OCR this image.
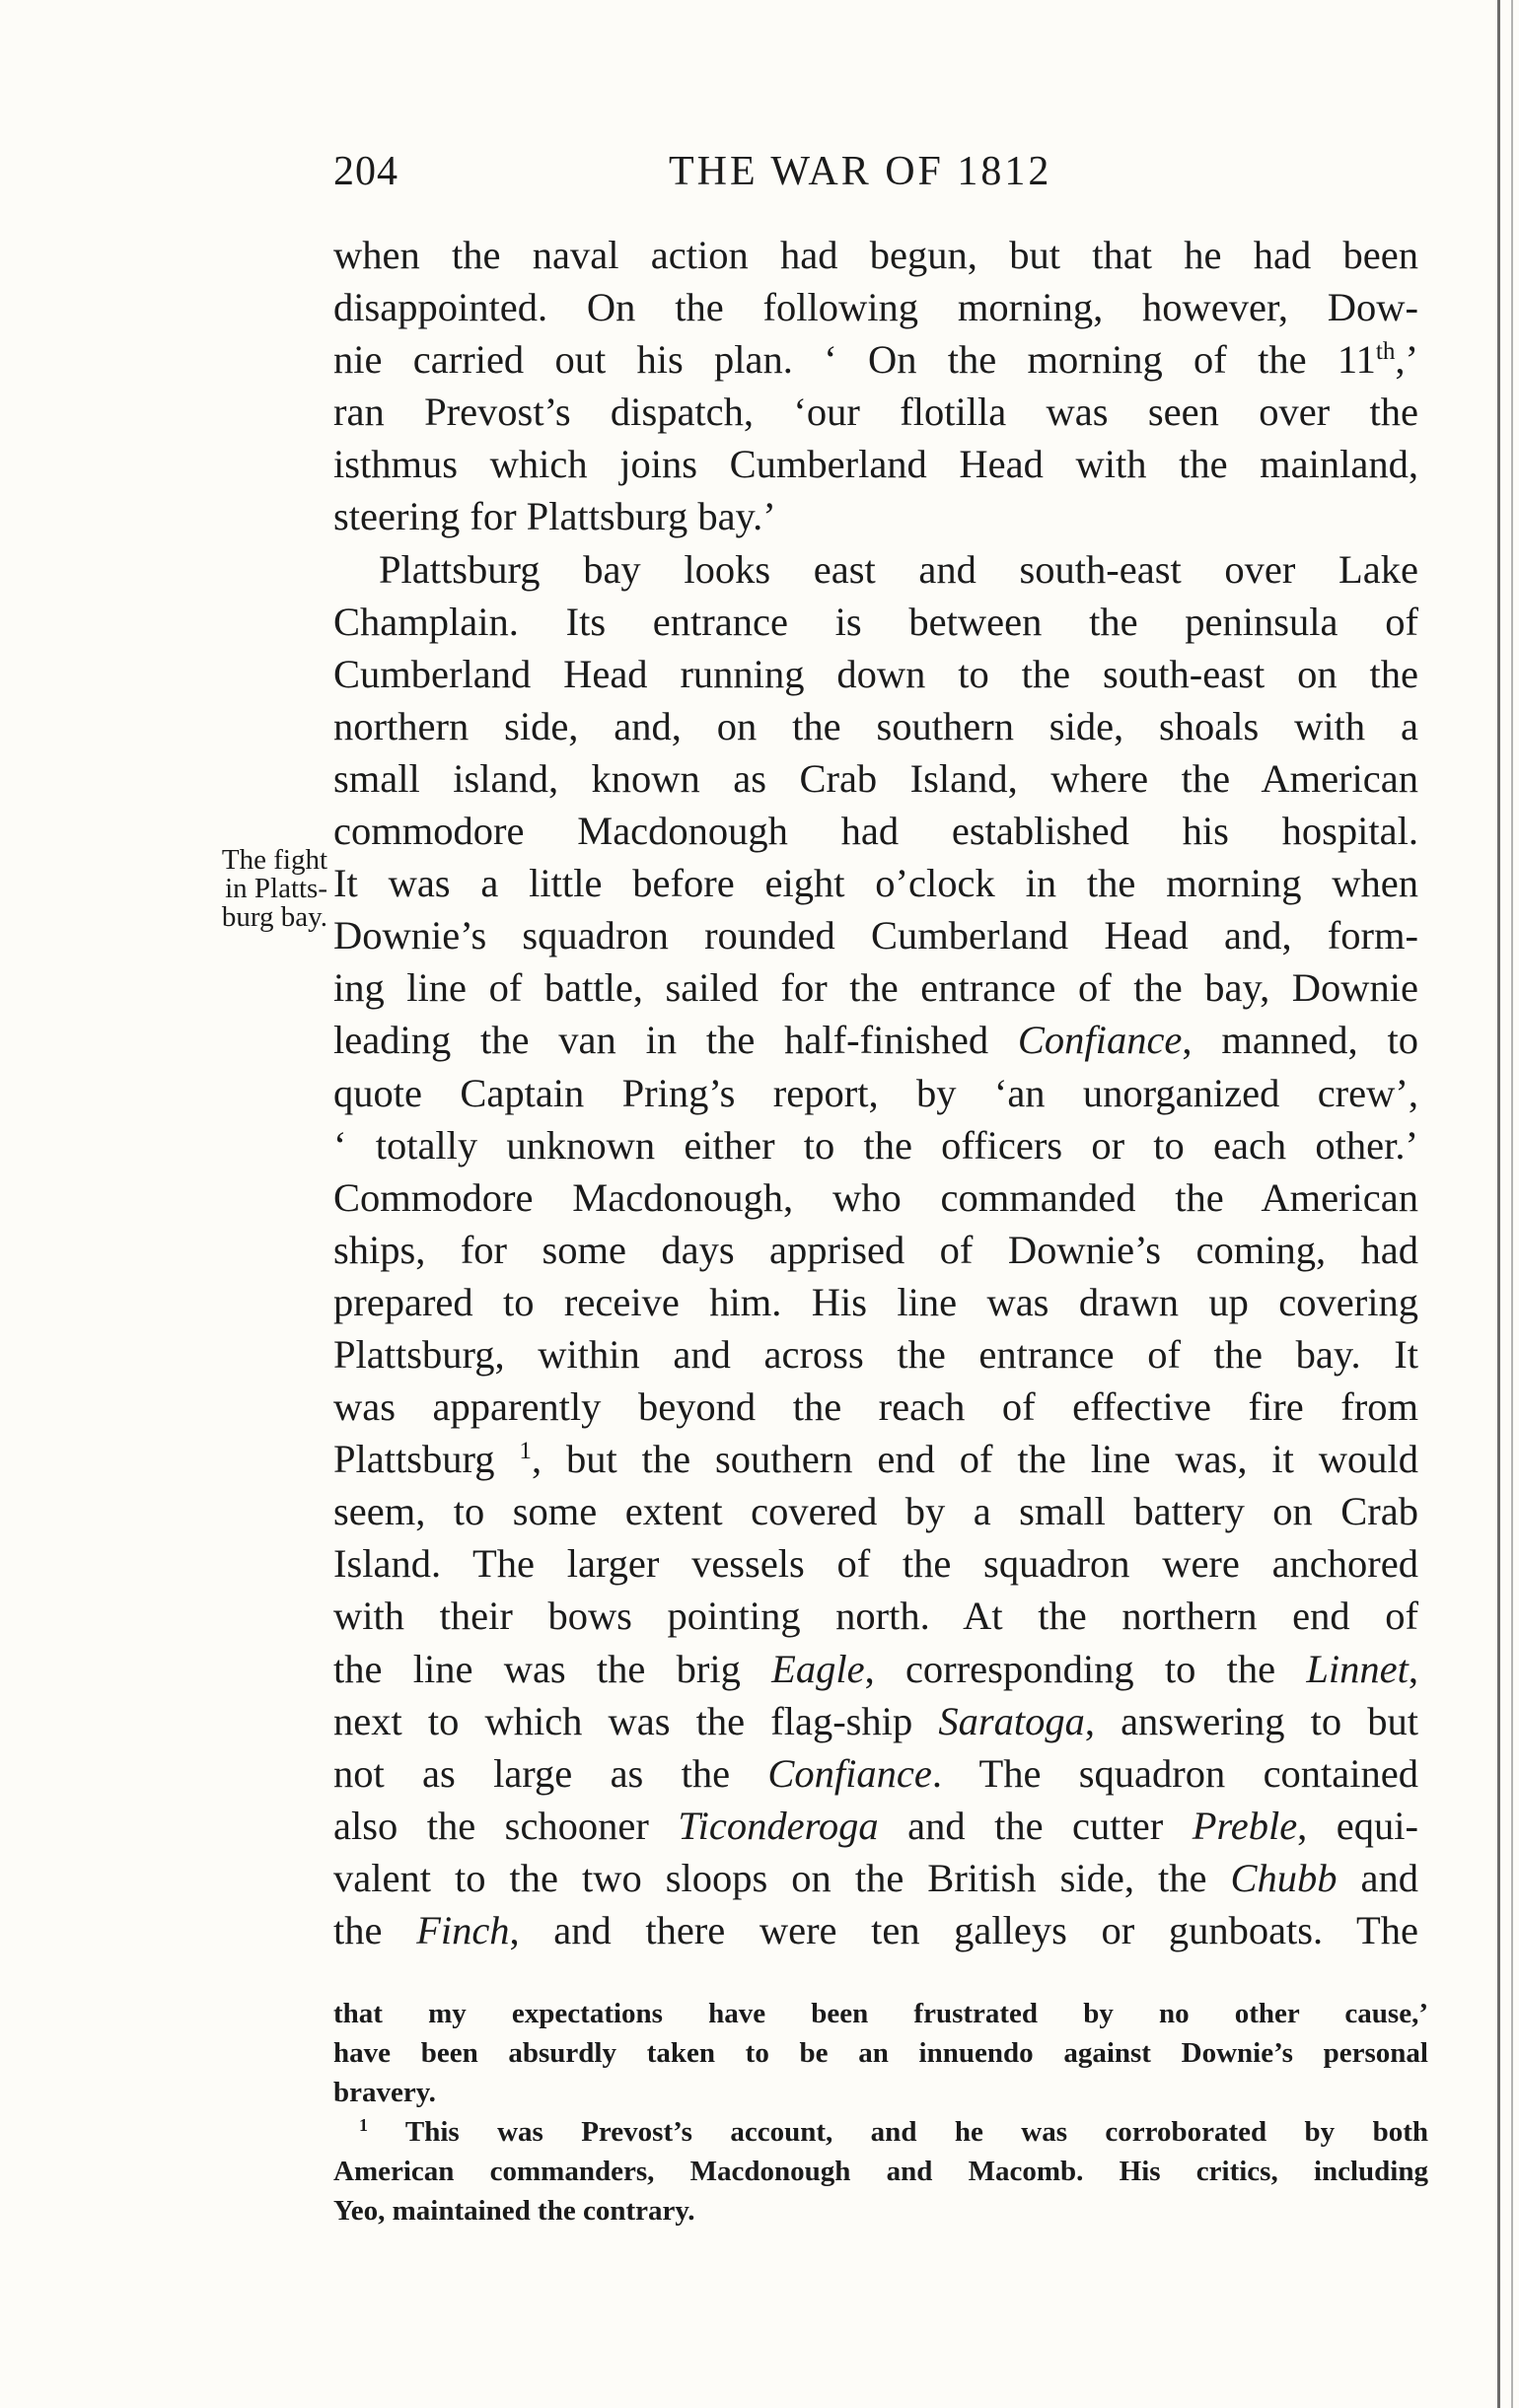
204	THE WAR OF 1812
The fight
in Platts-
burg bay.
when the naval action had begun, but that he had been
disappointed. On the following morning, however, Dow-
nie carried out his plan. ‘ On the morning of the 11th,’
ran Prevost’s dispatch, ‘our flotilla was seen over the
isthmus which joins Cumberland Head with the mainland,
steering for Plattsburg bay.’
Plattsburg bay looks east and south-east over Lake
Champlain. Its entrance is between the peninsula of
Cumberland Head running down to the south-east on the
northern side, and, on the southern side, shoals with a
small island, known as Crab Island, where the American
commodore Macdonough had established his hospital.
It was a little before eight o’clock in the morning when
Downie’s squadron rounded Cumberland Head and, form-
ing line of battle, sailed for the entrance of the bay, Downie
leading the van in the half-finished Confiance, manned, to
quote Captain Pring’s report, by ‘an unorganized crew’,
‘ totally unknown either to the officers or to each other.’
Commodore Macdonough, who commanded the American
ships, for some days apprised of Downie’s coming, had
prepared to receive him. His line was drawn up covering
Plattsburg, within and across the entrance of the bay. It
was apparently beyond the reach of effective fire from
Plattsburg $^1$, but the southern end of the line was, it would
seem, to some extent covered by a small battery on Crab
Island. The larger vessels of the squadron were anchored
with their bows pointing north. At the northern end of
the line was the brig Eagle, corresponding to the Linnet,
next to which was the flag-ship Saratoga, answering to but
not as large as the Confiance. The squadron contained
also the schooner Ticonderoga and the cutter Preble, equi-
valent to the two sloops on the British side, the Chubb and
the Finch, and there were ten galleys or gunboats. The
that my expectations have been frustrated by no other cause,’
have been absurdly taken to be an innuendo against Downie’s personal
bravery.
$^1$ This was Prevost’s account, and he was corroborated by both
American commanders, Macdonough and Macomb. His critics, including
Yeo, maintained the contrary.
